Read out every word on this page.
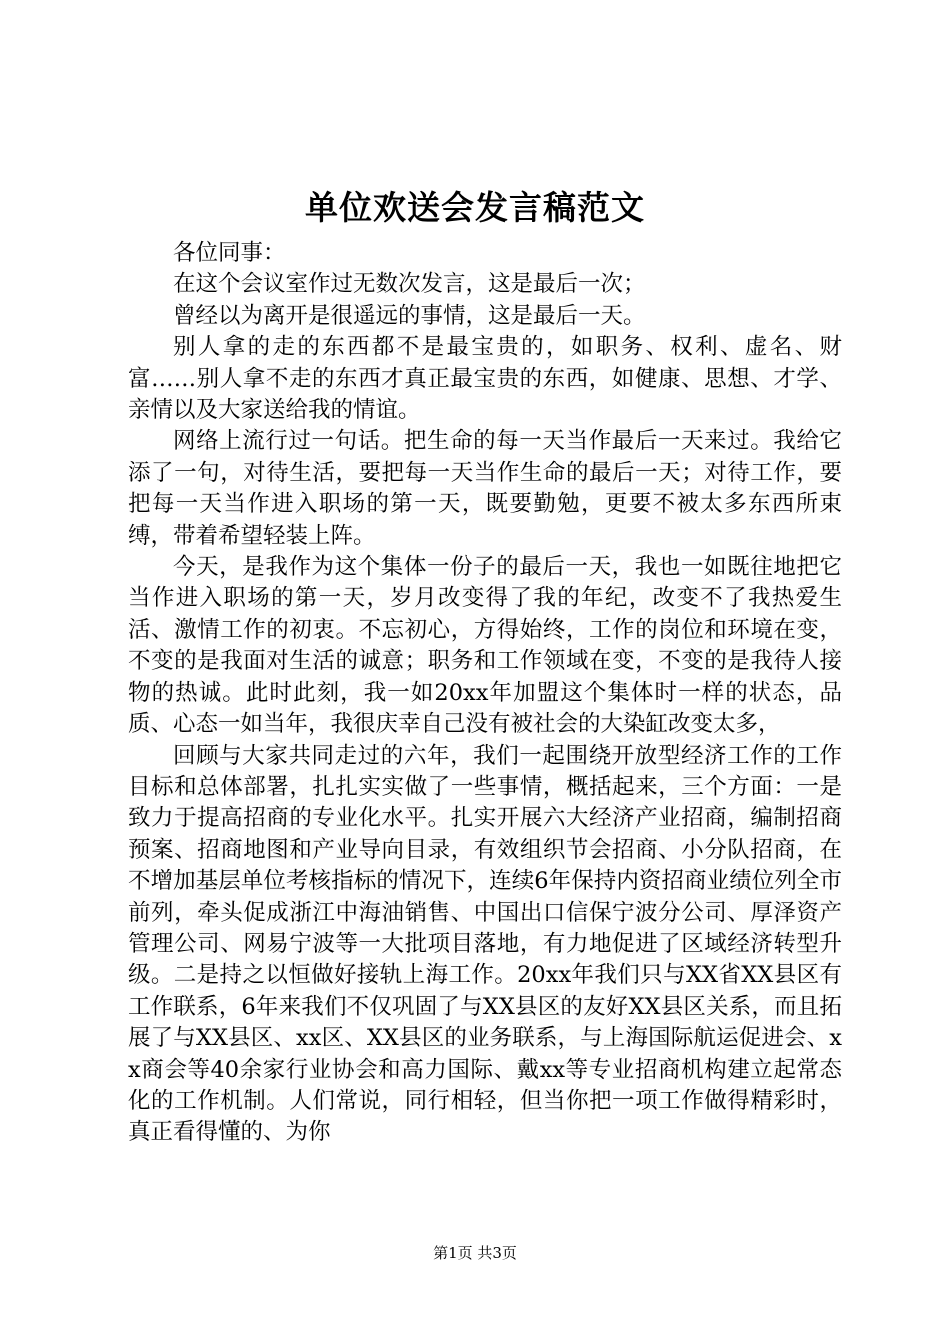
单位欢送会发言稿范文

各位同事：

在这个会议室作过无数次发言，这是最后一次；

曾经以为离开是很遥远的事情，这是最后一天。

别人拿的走的东西都不是最宝贵的，如职务、权利、虚名、财富……别人拿不走的东西才真正最宝贵的东西，如健康、思想、才学、亲情以及大家送给我的情谊。

网络上流行过一句话。把生命的每一天当作最后一天来过。我给它添了一句，对待生活，要把每一天当作生命的最后一天；对待工作，要把每一天当作进入职场的第一天，既要勤勉，更要不被太多东西所束缚，带着希望轻装上阵。

今天，是我作为这个集体一份子的最后一天，我也一如既往地把它当作进入职场的第一天，岁月改变得了我的年纪，改变不了我热爱生活、激情工作的初衷。不忘初心，方得始终，工作的岗位和环境在变，不变的是我面对生活的诚意；职务和工作领域在变，不变的是我待人接物的热诚。此时此刻，我一如20xx年加盟这个集体时一样的状态，品质、心态一如当年，我很庆幸自己没有被社会的大染缸改变太多，

回顾与大家共同走过的六年，我们一起围绕开放型经济工作的工作目标和总体部署，扎扎实实做了一些事情，概括起来，三个方面：一是致力于提高招商的专业化水平。扎实开展六大经济产业招商，编制招商预案、招商地图和产业导向目录，有效组织节会招商、小分队招商，在不增加基层单位考核指标的情况下，连续6年保持内资招商业绩位列全市前列，牵头促成浙江中海油销售、中国出口信保宁波分公司、厚泽资产管理公司、网易宁波等一大批项目落地，有力地促进了区域经济转型升级。二是持之以恒做好接轨上海工作。20xx年我们只与XX省XX县区有工作联系，6年来我们不仅巩固了与XX县区的友好XX县区关系，而且拓展了与XX县区、xx区、XX县区的业务联系，与上海国际航运促进会、xx商会等40余家行业协会和高力国际、戴xx等专业招商机构建立起常态化的工作机制。人们常说，同行相轻，但当你把一项工作做得精彩时，真正看得懂的、为你

第1页 共3页
